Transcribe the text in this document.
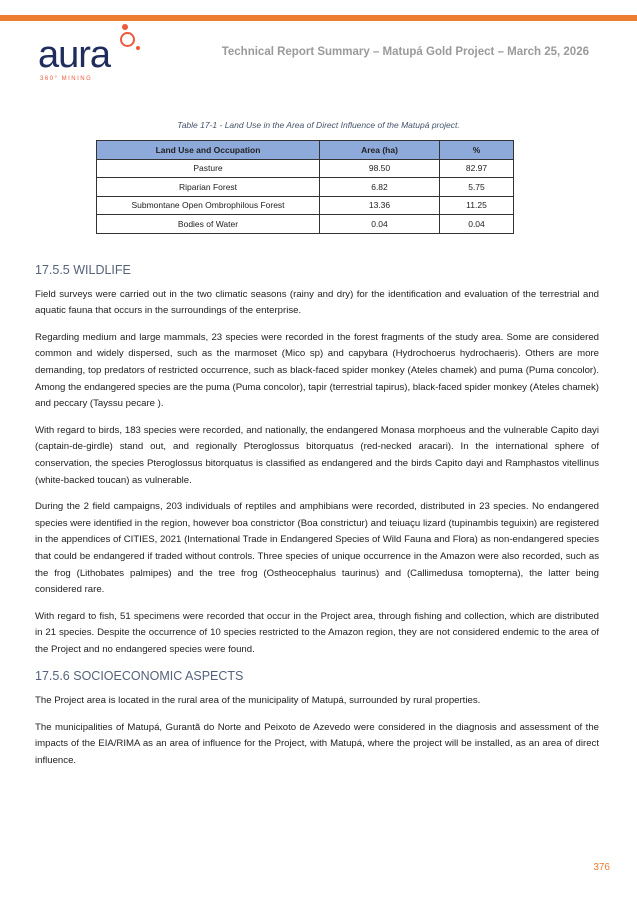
aura
360° MINING
Technical Report Summary – Matupá Gold Project – March 25, 2026
Table 17-1 - Land Use in the Area of Direct Influence of the Matupá project.
Land Use and Occupation	Area (ha)	%
Pasture	98.50	82.97
Riparian Forest	6.82	5.75
Submontane Open Ombrophilous Forest	13.36	11.25
Bodies of Water	0.04	0.04
17.5.5 WILDLIFE

Field surveys were carried out in the two climatic seasons (rainy and dry) for the identification and evaluation of the terrestrial and aquatic fauna that occurs in the surroundings of the enterprise.

Regarding medium and large mammals, 23 species were recorded in the forest fragments of the study area. Some are considered common and widely dispersed, such as the marmoset (Mico sp) and capybara (Hydrochoerus hydrochaeris). Others are more demanding, top predators of restricted occurrence, such as black-faced spider monkey (Ateles chamek) and puma (Puma concolor). Among the endangered species are the puma (Puma concolor), tapir (terrestrial tapirus), black-faced spider monkey (Ateles chamek) and peccary (Tayssu pecare ).

With regard to birds, 183 species were recorded, and nationally, the endangered Monasa morphoeus and the vulnerable Capito dayi (captain-de-girdle) stand out, and regionally Pteroglossus bitorquatus (red-necked aracari). In the international sphere of conservation, the species Pteroglossus bitorquatus is classified as endangered and the birds Capito dayi and Ramphastos vitellinus (white-backed toucan) as vulnerable.

During the 2 field campaigns, 203 individuals of reptiles and amphibians were recorded, distributed in 23 species. No endangered species were identified in the region, however boa constrictor (Boa constrictur) and teiuaçu lizard (tupinambis teguixin) are registered in the appendices of CITIES, 2021 (International Trade in Endangered Species of Wild Fauna and Flora) as non-endangered species that could be endangered if traded without controls. Three species of unique occurrence in the Amazon were also recorded, such as the frog (Lithobates palmipes) and the tree frog (Ostheocephalus taurinus) and (Callimedusa tomopterna), the latter being considered rare.

With regard to fish, 51 specimens were recorded that occur in the Project area, through fishing and collection, which are distributed in 21 species. Despite the occurrence of 10 species restricted to the Amazon region, they are not considered endemic to the area of the Project and no endangered species were found.

17.5.6 SOCIOECONOMIC ASPECTS

The Project area is located in the rural area of the municipality of Matupá, surrounded by rural properties.

The municipalities of Matupá, Gurantã do Norte and Peixoto de Azevedo were considered in the diagnosis and assessment of the impacts of the EIA/RIMA as an area of influence for the Project, with Matupá, where the project will be installed, as an area of direct influence.

376
